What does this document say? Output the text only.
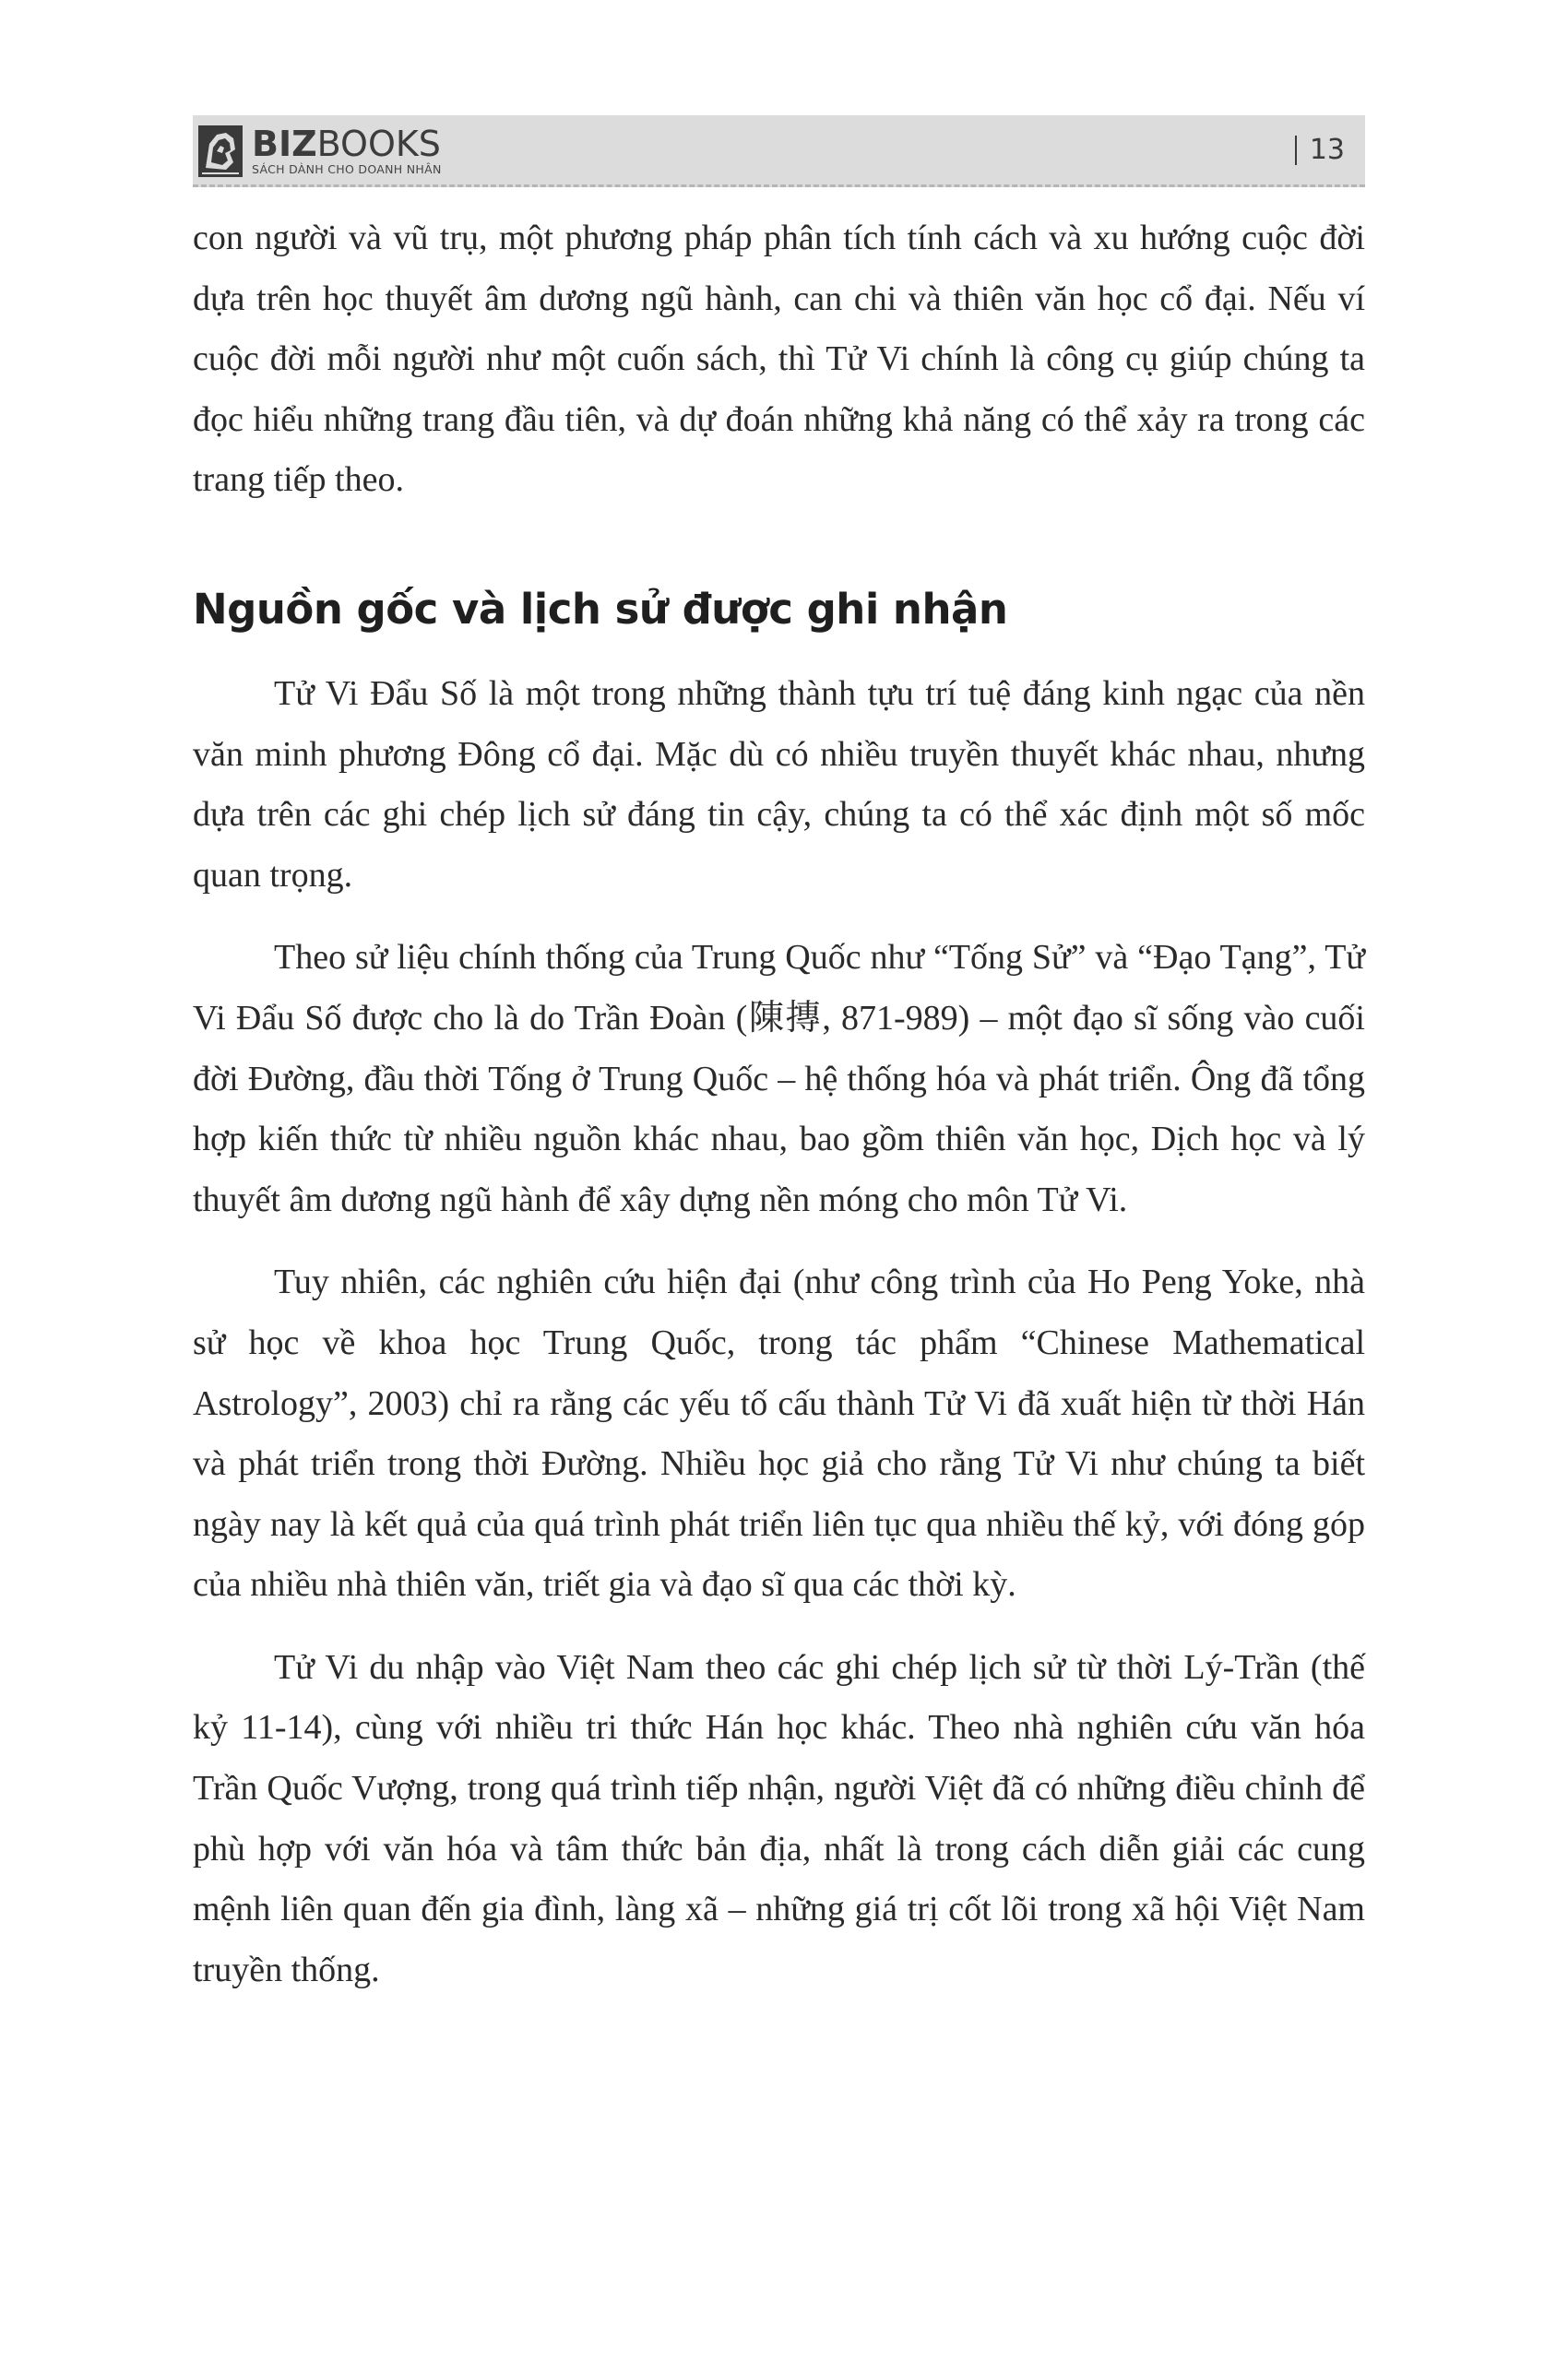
BIZBOOKS
SÁCH DÀNH CHO DOANH NHÂN
13

con người và vũ trụ, một phương pháp phân tích tính cách và xu hướng cuộc đời dựa trên học thuyết âm dương ngũ hành, can chi và thiên văn học cổ đại. Nếu ví cuộc đời mỗi người như một cuốn sách, thì Tử Vi chính là công cụ giúp chúng ta đọc hiểu những trang đầu tiên, và dự đoán những khả năng có thể xảy ra trong các trang tiếp theo.

Nguồn gốc và lịch sử được ghi nhận

Tử Vi Đẩu Số là một trong những thành tựu trí tuệ đáng kinh ngạc của nền văn minh phương Đông cổ đại. Mặc dù có nhiều truyền thuyết khác nhau, nhưng dựa trên các ghi chép lịch sử đáng tin cậy, chúng ta có thể xác định một số mốc quan trọng.

Theo sử liệu chính thống của Trung Quốc như “Tống Sử” và “Đạo Tạng”, Tử Vi Đẩu Số được cho là do Trần Đoàn (陳摶, 871-989) – một đạo sĩ sống vào cuối đời Đường, đầu thời Tống ở Trung Quốc – hệ thống hóa và phát triển. Ông đã tổng hợp kiến thức từ nhiều nguồn khác nhau, bao gồm thiên văn học, Dịch học và lý thuyết âm dương ngũ hành để xây dựng nền móng cho môn Tử Vi.

Tuy nhiên, các nghiên cứu hiện đại (như công trình của Ho Peng Yoke, nhà sử học về khoa học Trung Quốc, trong tác phẩm “Chinese Mathematical Astrology”, 2003) chỉ ra rằng các yếu tố cấu thành Tử Vi đã xuất hiện từ thời Hán và phát triển trong thời Đường. Nhiều học giả cho rằng Tử Vi như chúng ta biết ngày nay là kết quả của quá trình phát triển liên tục qua nhiều thế kỷ, với đóng góp của nhiều nhà thiên văn, triết gia và đạo sĩ qua các thời kỳ.

Tử Vi du nhập vào Việt Nam theo các ghi chép lịch sử từ thời Lý-Trần (thế kỷ 11-14), cùng với nhiều tri thức Hán học khác. Theo nhà nghiên cứu văn hóa Trần Quốc Vượng, trong quá trình tiếp nhận, người Việt đã có những điều chỉnh để phù hợp với văn hóa và tâm thức bản địa, nhất là trong cách diễn giải các cung mệnh liên quan đến gia đình, làng xã – những giá trị cốt lõi trong xã hội Việt Nam truyền thống.
